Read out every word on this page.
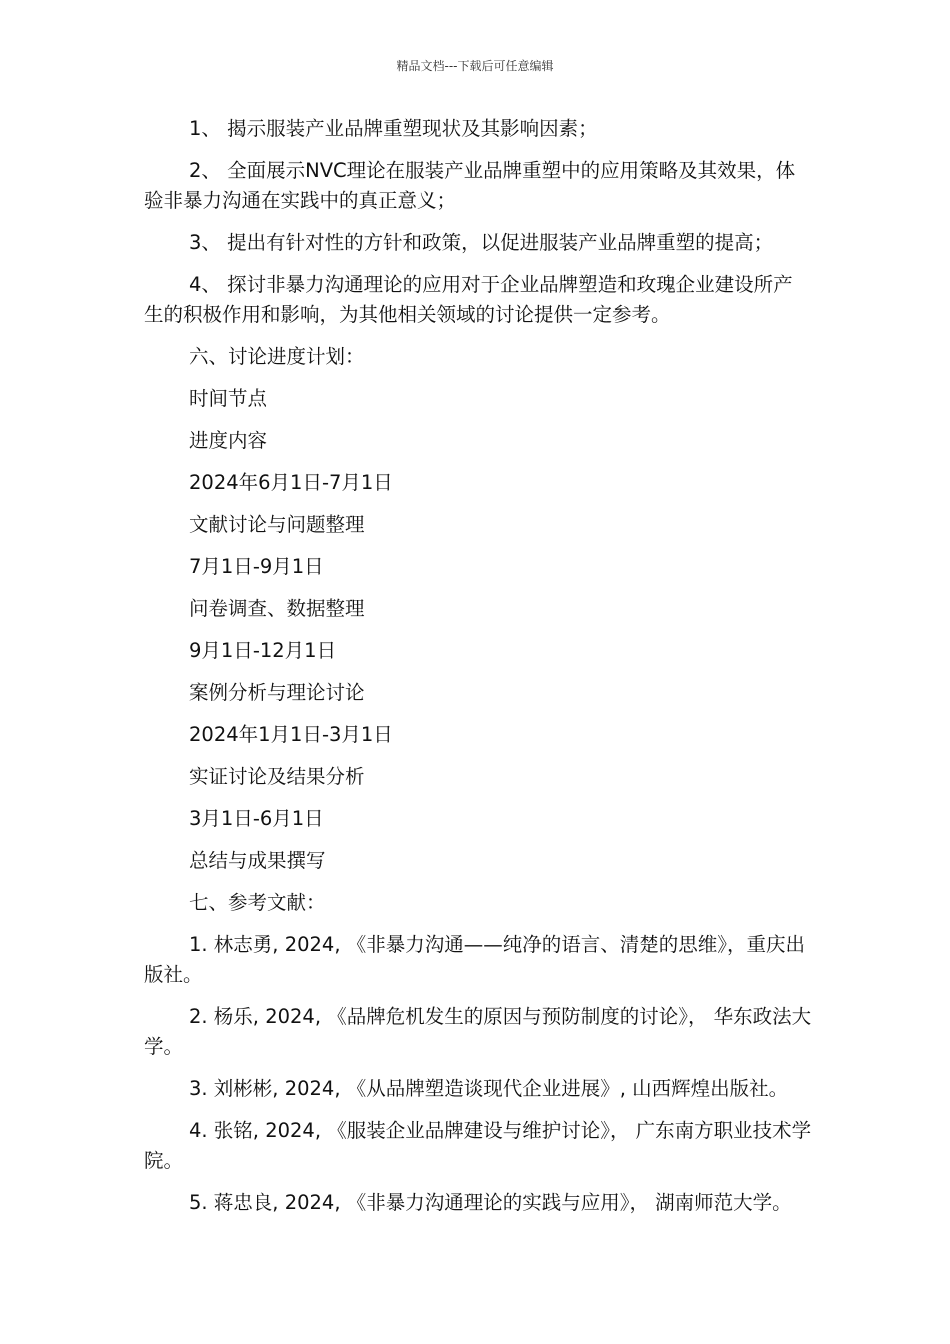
精品文档---下载后可任意编辑

1、 揭示服装产业品牌重塑现状及其影响因素；

2、 全面展示NVC理论在服装产业品牌重塑中的应用策略及其效果，体验非暴力沟通在实践中的真正意义；

3、 提出有针对性的方针和政策，以促进服装产业品牌重塑的提高；

4、 探讨非暴力沟通理论的应用对于企业品牌塑造和玫瑰企业建设所产生的积极作用和影响，为其他相关领域的讨论提供一定参考。

六、讨论进度计划：

时间节点

进度内容

2024年6月1日-7月1日

文献讨论与问题整理

7月1日-9月1日

问卷调查、数据整理

9月1日-12月1日

案例分析与理论讨论

2024年1月1日-3月1日

实证讨论及结果分析

3月1日-6月1日

总结与成果撰写

七、参考文献：

1. 林志勇, 2024, 《非暴力沟通——纯净的语言、清楚的思维》，重庆出版社。

2. 杨乐, 2024, 《品牌危机发生的原因与预防制度的讨论》， 华东政法大学。

3. 刘彬彬, 2024, 《从品牌塑造谈现代企业进展》, 山西辉煌出版社。

4. 张铭, 2024, 《服装企业品牌建设与维护讨论》， 广东南方职业技术学院。

5. 蒋忠良, 2024, 《非暴力沟通理论的实践与应用》， 湖南师范大学。
